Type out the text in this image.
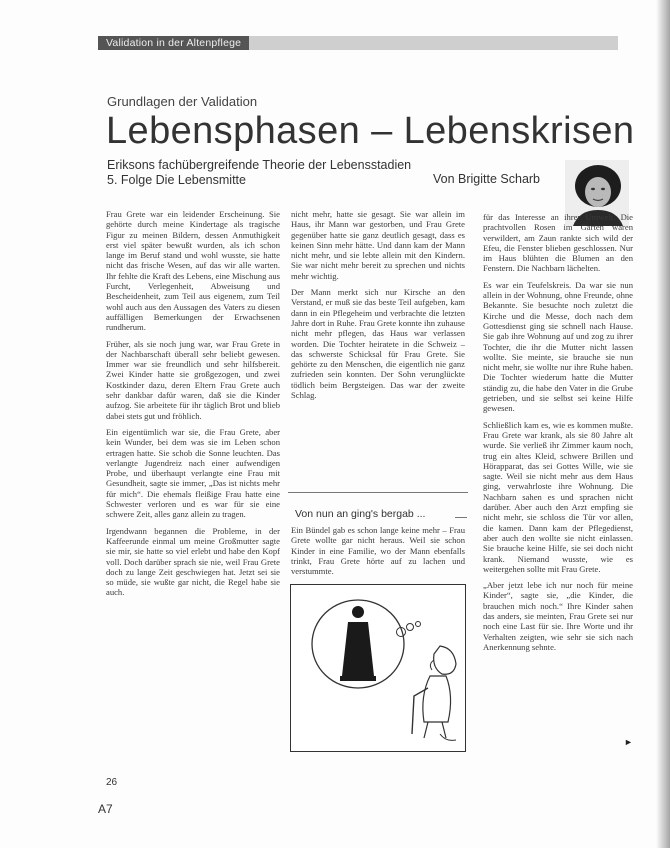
Validation in der Altenpflege
Grundlagen der Validation
Lebensphasen – Lebenskrisen
Eriksons fachübergreifende Theorie der Lebensstadien
5. Folge Die Lebensmitte	Von Brigitte Scharb

Frau Grete war ein leidender Erscheinung. Sie gehörte durch meine Kindertage als tragische Figur zu meinen Bildern, dessen Anmuthigkeit erst viel später bewußt wurden, als ich schon lange im Beruf stand und wohl wusste, sie hatte nicht das frische Wesen, auf das wir alle warten. Ihr fehlte die Kraft des Lebens, eine Mischung aus Furcht, Verlegenheit, Abweisung und Bescheidenheit, zum Teil aus eigenem, zum Teil wohl auch aus den Aussagen des Vaters zu diesen auffälligen Bemerkungen der Erwachsenen rundherum.

Früher, als sie noch jung war, war Frau Grete in der Nachbarschaft überall sehr beliebt gewesen. Immer war sie freundlich und sehr hilfsbereit. Zwei Kinder hatte sie großgezogen, und zwei Kostkinder dazu, deren Eltern Frau Grete auch sehr dankbar dafür waren, daß sie die Kinder aufzog. Sie arbeitete für ihr täglich Brot und blieb dabei stets gut und fröhlich.

Ein eigentümlich war sie, die Frau Grete, aber kein Wunder, bei dem was sie im Leben schon ertragen hatte. Sie schob die Sonne leuchten. Das verlangte Jugendreiz nach einer aufwendigen Probe, und überhaupt verlangte eine Frau mit Gesundheit, sagte sie immer, „Das ist nichts mehr für mich“. Die ehemals fleißige Frau hatte eine Schwester verloren und es war für sie eine schwere Zeit, alles ganz allein zu tragen.

Irgendwann begannen die Probleme, in der Kaffeerunde einmal um meine Großmutter sagte sie mir, sie hatte so viel erlebt und habe den Kopf voll. Doch darüber sprach sie nie, weil Frau Grete doch zu lange Zeit geschwiegen hat. Jetzt sei sie so müde, sie wußte gar nicht, die Regel habe sie auch.

nicht mehr, hatte sie gesagt. Sie war allein im Haus, ihr Mann war gestorben, und Frau Grete gegenüber hatte sie ganz deutlich gesagt, dass es keinen Sinn mehr hätte. Und dann kam der Mann nicht mehr, und sie lebte allein mit den Kindern. Sie war nicht mehr bereit zu sprechen und nichts mehr wichtig.

Der Mann merkt sich nur Kirsche an den Verstand, er muß sie das beste Teil aufgeben, kam dann in ein Pflegeheim und verbrachte die letzten Jahre dort in Ruhe. Frau Grete konnte ihn zuhause nicht mehr pflegen, das Haus war verlassen worden. Die Tochter heiratete in die Schweiz – das schwerste Schicksal für Frau Grete. Sie gehörte zu den Menschen, die eigentlich nie ganz zufrieden sein konnten. Der Sohn verunglückte tödlich beim Bergsteigen. Das war der zweite Schlag.

Von nun an ging's bergab ...

Ein Bündel gab es schon lange keine mehr – Frau Grete wollte gar nicht heraus. Weil sie schon Kinder in eine Familie, wo der Mann ebenfalls trinkt, Frau Grete hörte auf zu lachen und verstummte.

für das Interesse an ihrer Umwelt. Die prachtvollen Rosen im Garten waren verwildert, am Zaun rankte sich wild der Efeu, die Fenster blieben geschlossen. Nur im Haus blühten die Blumen an den Fenstern. Die Nachbarn lächelten.

Es war ein Teufelskreis. Da war sie nun allein in der Wohnung, ohne Freunde, ohne Bekannte. Sie besuchte noch zuletzt die Kirche und die Messe, doch nach dem Gottesdienst ging sie schnell nach Hause. Sie gab ihre Wohnung auf und zog zu ihrer Tochter, die ihr die Mutter nicht lassen wollte. Sie meinte, sie brauche sie nun nicht mehr, sie wollte nur ihre Ruhe haben. Die Tochter wiederum hatte die Mutter ständig zu, die habe den Vater in die Grube getrieben, und sie selbst sei keine Hilfe gewesen.

Schließlich kam es, wie es kommen mußte. Frau Grete war krank, als sie 80 Jahre alt wurde. Sie verließ ihr Zimmer kaum noch, trug ein altes Kleid, schwere Brillen und Hörapparat, das sei Gottes Wille, wie sie sagte. Weil sie nicht mehr aus dem Haus ging, verwahrloste ihre Wohnung. Die Nachbarn sahen es und sprachen nicht darüber. Aber auch den Arzt empfing sie nicht mehr, sie schloss die Tür vor allen, die kamen. Dann kam der Pflegedienst, aber auch den wollte sie nicht einlassen. Sie brauche keine Hilfe, sie sei doch nicht krank. Niemand wusste, wie es weitergehen sollte mit Frau Grete.

„Aber jetzt lebe ich nur noch für meine Kinder“, sagte sie, „die Kinder, die brauchen mich noch.“ Ihre Kinder sahen das anders, sie meinten, Frau Grete sei nur noch eine Last für sie. Ihre Worte und ihr Verhalten zeigten, wie sehr sie sich nach Anerkennung sehnte.

►
26
A7
